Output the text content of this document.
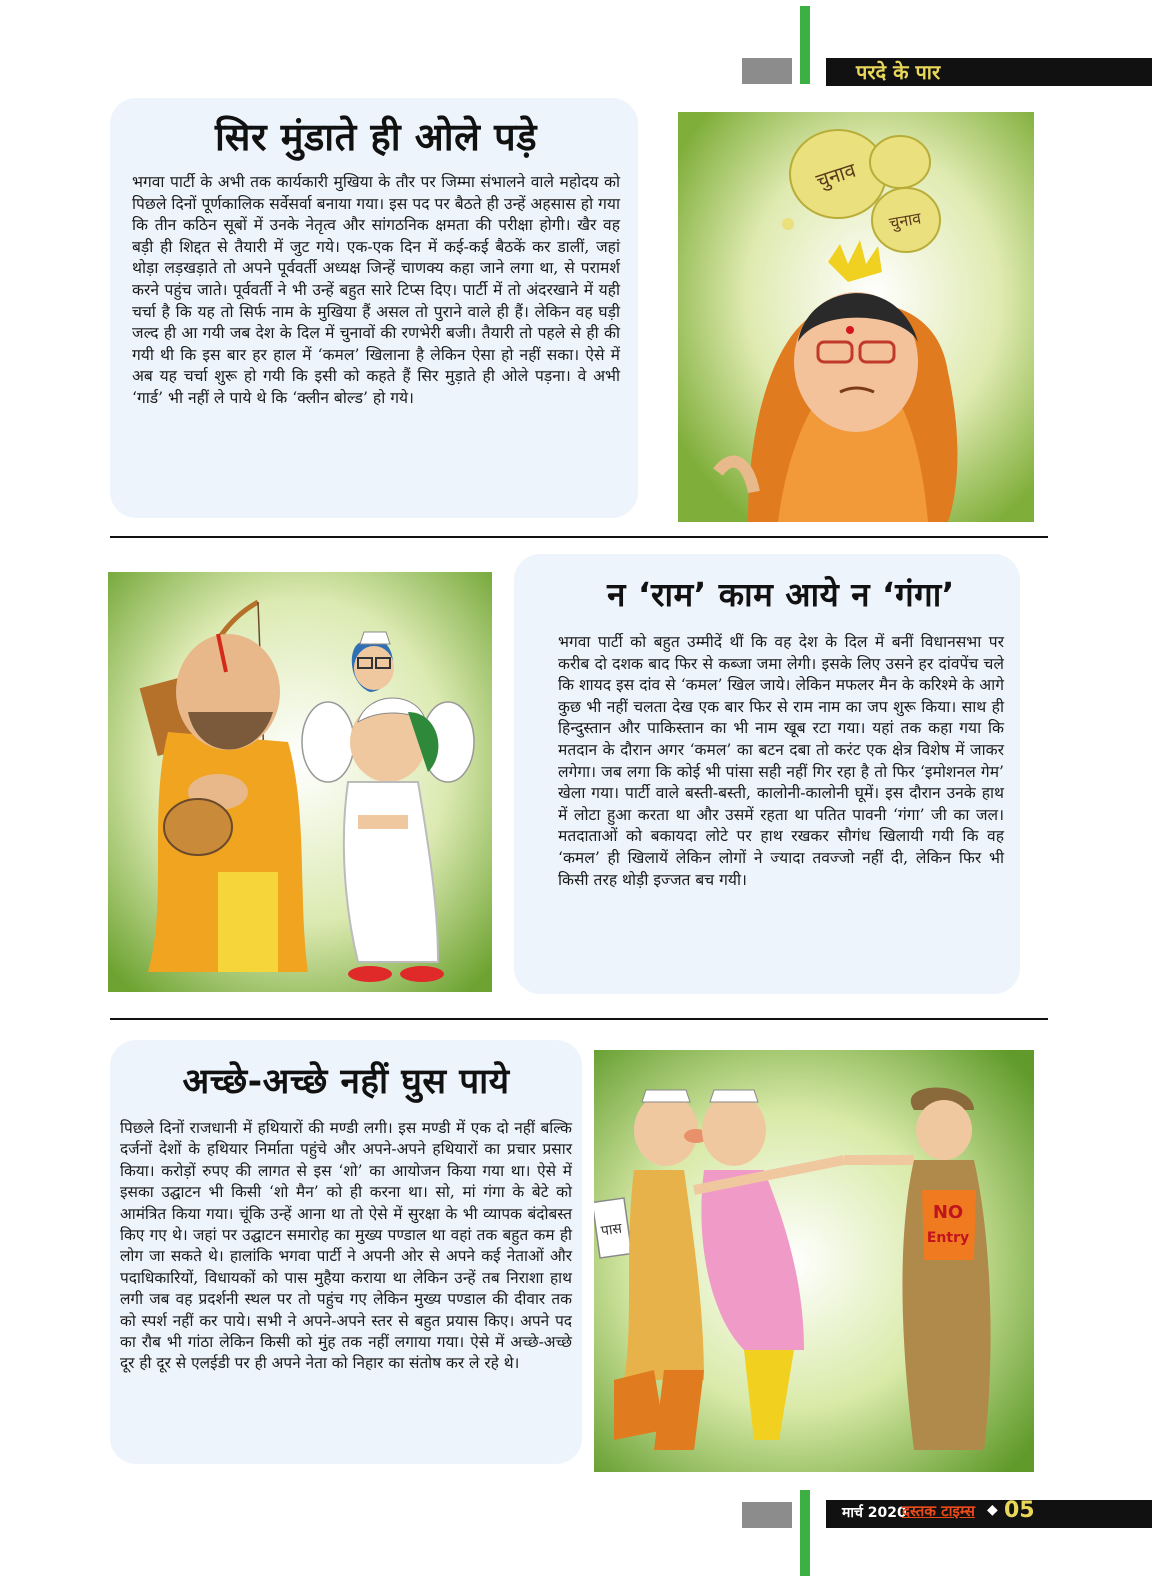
परदे के पार
सिर मुंडाते ही ओले पड़े

भगवा पार्टी के अभी तक कार्यकारी मुखिया के तौर पर जिम्मा संभालने वाले महोदय को पिछले दिनों पूर्णकालिक सर्वेसर्वा बनाया गया। इस पद पर बैठते ही उन्हें अहसास हो गया कि तीन कठिन सूबों में उनके नेतृत्व और सांगठनिक क्षमता की परीक्षा होगी। खैर वह बड़ी ही शिद्दत से तैयारी में जुट गये। एक-एक दिन में कई-कई बैठकें कर डालीं, जहां थोड़ा लड़खड़ाते तो अपने पूर्ववर्ती अध्यक्ष जिन्हें चाणक्य कहा जाने लगा था, से परामर्श करने पहुंच जाते। पूर्ववर्ती ने भी उन्हें बहुत सारे टिप्स दिए। पार्टी में तो अंदरखाने में यही चर्चा है कि यह तो सिर्फ नाम के मुखिया हैं असल तो पुराने वाले ही हैं। लेकिन वह घड़ी जल्द ही आ गयी जब देश के दिल में चुनावों की रणभेरी बजी। तैयारी तो पहले से ही की गयी थी कि इस बार हर हाल में ‘कमल’ खिलाना है लेकिन ऐसा हो नहीं सका। ऐसे में अब यह चर्चा शुरू हो गयी कि इसी को कहते हैं सिर मुड़ाते ही ओले पड़ना। वे अभी ‘गार्ड’ भी नहीं ले पाये थे कि ‘क्लीन बोल्ड’ हो गये।

चुनाव
चुनाव
न ‘राम’ काम आये न ‘गंगा’

भगवा पार्टी को बहुत उम्मीदें थीं कि वह देश के दिल में बनीं विधानसभा पर करीब दो दशक बाद फिर से कब्जा जमा लेगी। इसके लिए उसने हर दांवपेंच चले कि शायद इस दांव से ‘कमल’ खिल जाये। लेकिन मफलर मैन के करिश्मे के आगे कुछ भी नहीं चलता देख एक बार फिर से राम नाम का जप शुरू किया। साथ ही हिन्दुस्तान और पाकिस्तान का भी नाम खूब रटा गया। यहां तक कहा गया कि मतदान के दौरान अगर ‘कमल’ का बटन दबा तो करंट एक क्षेत्र विशेष में जाकर लगेगा। जब लगा कि कोई भी पांसा सही नहीं गिर रहा है तो फिर ‘इमोशनल गेम’ खेला गया। पार्टी वाले बस्ती-बस्ती, कालोनी-कालोनी घूमें। इस दौरान उनके हाथ में लोटा हुआ करता था और उसमें रहता था पतित पावनी ‘गंगा’ जी का जल। मतदाताओं को बकायदा लोटे पर हाथ रखकर सौगंध खिलायी गयी कि वह ‘कमल’ ही खिलायें लेकिन लोगों ने ज्यादा तवज्जो नहीं दी, लेकिन फिर भी किसी तरह थोड़ी इज्जत बच गयी।

अच्छे-अच्छे नहीं घुस पाये

पिछले दिनों राजधानी में हथियारों की मण्डी लगी। इस मण्डी में एक दो नहीं बल्कि दर्जनों देशों के हथियार निर्माता पहुंचे और अपने-अपने हथियारों का प्रचार प्रसार किया। करोड़ों रुपए की लागत से इस ‘शो’ का आयोजन किया गया था। ऐसे में इसका उद्घाटन भी किसी ‘शो मैन’ को ही करना था। सो, मां गंगा के बेटे को आमंत्रित किया गया। चूंकि उन्हें आना था तो ऐसे में सुरक्षा के भी व्यापक बंदोबस्त किए गए थे। जहां पर उद्घाटन समारोह का मुख्य पण्डाल था वहां तक बहुत कम ही लोग जा सकते थे। हालांकि भगवा पार्टी ने अपनी ओर से अपने कई नेताओं और पदाधिकारियों, विधायकों को पास मुहैया कराया था लेकिन उन्हें तब निराशा हाथ लगी जब वह प्रदर्शनी स्थल पर तो पहुंच गए लेकिन मुख्य पण्डाल की दीवार तक को स्पर्श नहीं कर पाये। सभी ने अपने-अपने स्तर से बहुत प्रयास किए। अपने पद का रौब भी गांठा लेकिन किसी को मुंह तक नहीं लगाया गया। ऐसे में अच्छे-अच्छे दूर ही दूर से एलईडी पर ही अपने नेता को निहार का संतोष कर ले रहे थे।

पास
NO
Entry
मार्च 2020
दस्तक टाइम्स ◆ 05
